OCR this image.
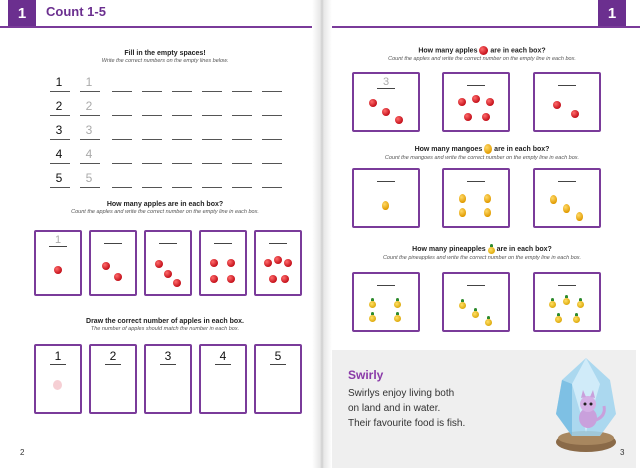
1	Count 1-5
Fill in the empty spaces!
Write the correct numbers on the empty lines below.
1	1
2	2
3	3
4	4
5	5
How many apples are in each box?
Count the apples and write the correct number on the empty line in each box.
1
Draw the correct number of apples in each box.
The number of apples should match the number in each box.
1	2	3	4	5
2
1
How many apples are in each box?
Count the apples and write the correct number on the empty line in each box.
3
How many mangoes are in each box?
Count the mangoes and write the correct number on the empty line in each box.
How many pineapples are in each box?
Count the pineapples and write the correct number on the empty line in each box.
Swirly
Swirlys enjoy living both
on land and in water.
Their favourite food is fish.
3
